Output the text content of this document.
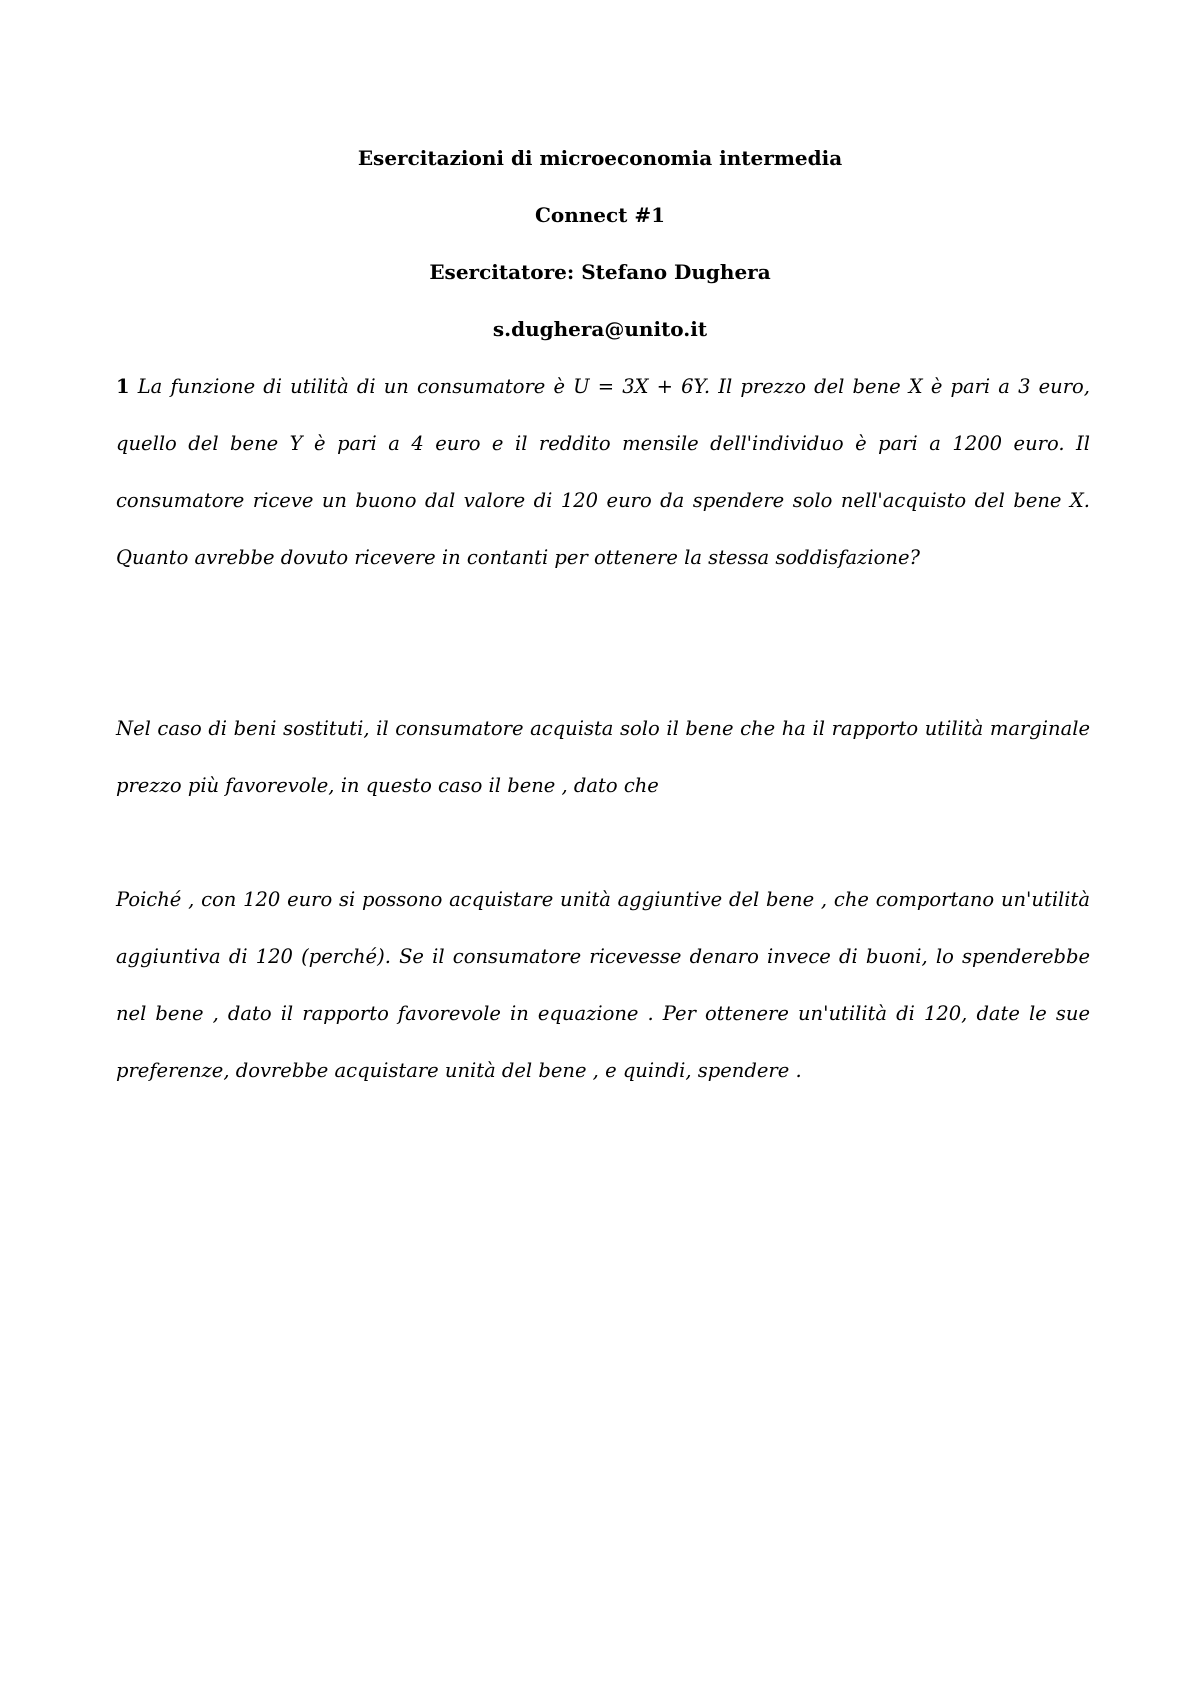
Esercitazioni di microeconomia intermedia
Connect #1
Esercitatore: Stefano Dughera
s.dughera@unito.it
1 La funzione di utilità di un consumatore è U = 3X + 6Y. Il prezzo del bene X è pari a 3 euro,
quello del bene Y è pari a 4 euro e il reddito mensile dell'individuo è pari a 1200 euro. Il
consumatore riceve un buono dal valore di 120 euro da spendere solo nell'acquisto del bene X.
Quanto avrebbe dovuto ricevere in contanti per ottenere la stessa soddisfazione?
Nel caso di beni sostituti, il consumatore acquista solo il bene che ha il rapporto utilità marginale
prezzo più favorevole, in questo caso il bene , dato che
Poiché , con 120 euro si possono acquistare unità aggiuntive del bene , che comportano un'utilità
aggiuntiva di 120 (perché). Se il consumatore ricevesse denaro invece di buoni, lo spenderebbe
nel bene , dato il rapporto favorevole in equazione . Per ottenere un'utilità di 120, date le sue
preferenze, dovrebbe acquistare unità del bene , e quindi, spendere .
